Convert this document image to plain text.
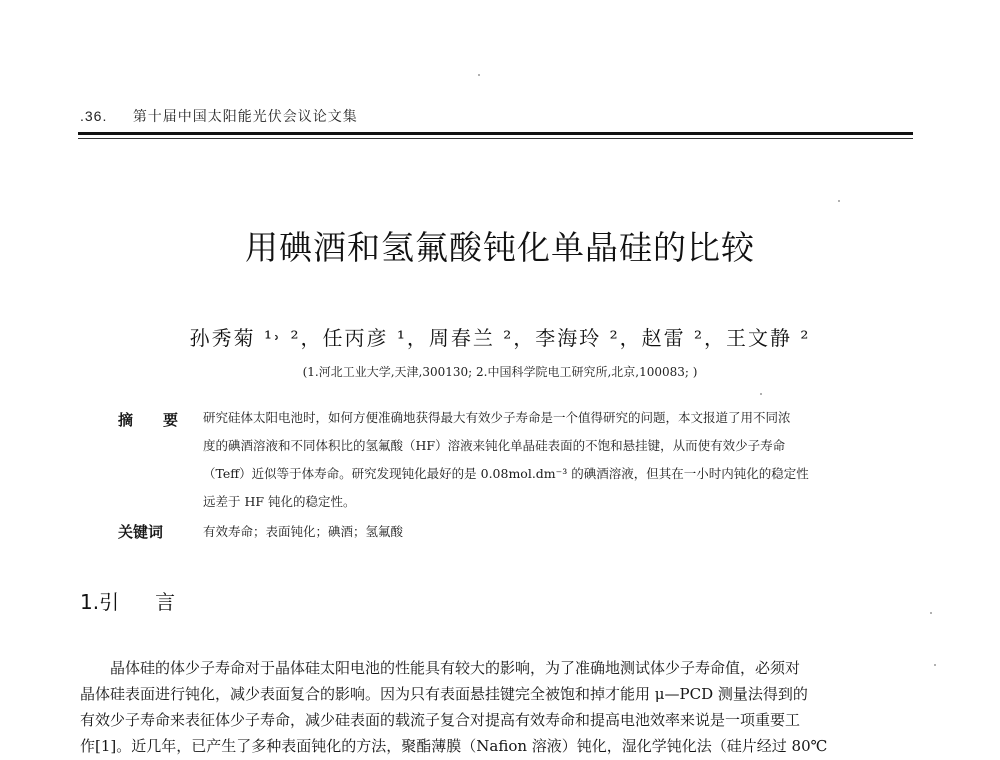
.36. 第十届中国太阳能光伏会议论文集
用碘酒和氢氟酸钝化单晶硅的比较
孙秀菊 ¹˒ ²，任丙彦 ¹，周春兰 ²，李海玲 ²，赵雷 ²，王文静 ²
(1.河北工业大学,天津,300130; 2.中国科学院电工研究所,北京,100083; )
摘 要 研究硅体太阳电池时，如何方便准确地获得最大有效少子寿命是一个值得研究的问题，本文报道了用不同浓
度的碘酒溶液和不同体积比的氢氟酸（HF）溶液来钝化单晶硅表面的不饱和悬挂键，从而使有效少子寿命
（Teff）近似等于体寿命。研究发现钝化最好的是 0.08mol.dm⁻³ 的碘酒溶液，但其在一小时内钝化的稳定性
远差于 HF 钝化的稳定性。
关键词	有效寿命；表面钝化；碘酒；氢氟酸
1.引 言
晶体硅的体少子寿命对于晶体硅太阳电池的性能具有较大的影响，为了准确地测试体少子寿命值，必须对
晶体硅表面进行钝化，减少表面复合的影响。因为只有表面悬挂键完全被饱和掉才能用 μ—PCD 测量法得到的
有效少子寿命来表征体少子寿命，减少硅表面的载流子复合对提高有效寿命和提高电池效率来说是一项重要工
作[1]。近几年，已产生了多种表面钝化的方法，聚酯薄膜（Nafion 溶液）钝化，湿化学钝化法（硅片经过 80℃
